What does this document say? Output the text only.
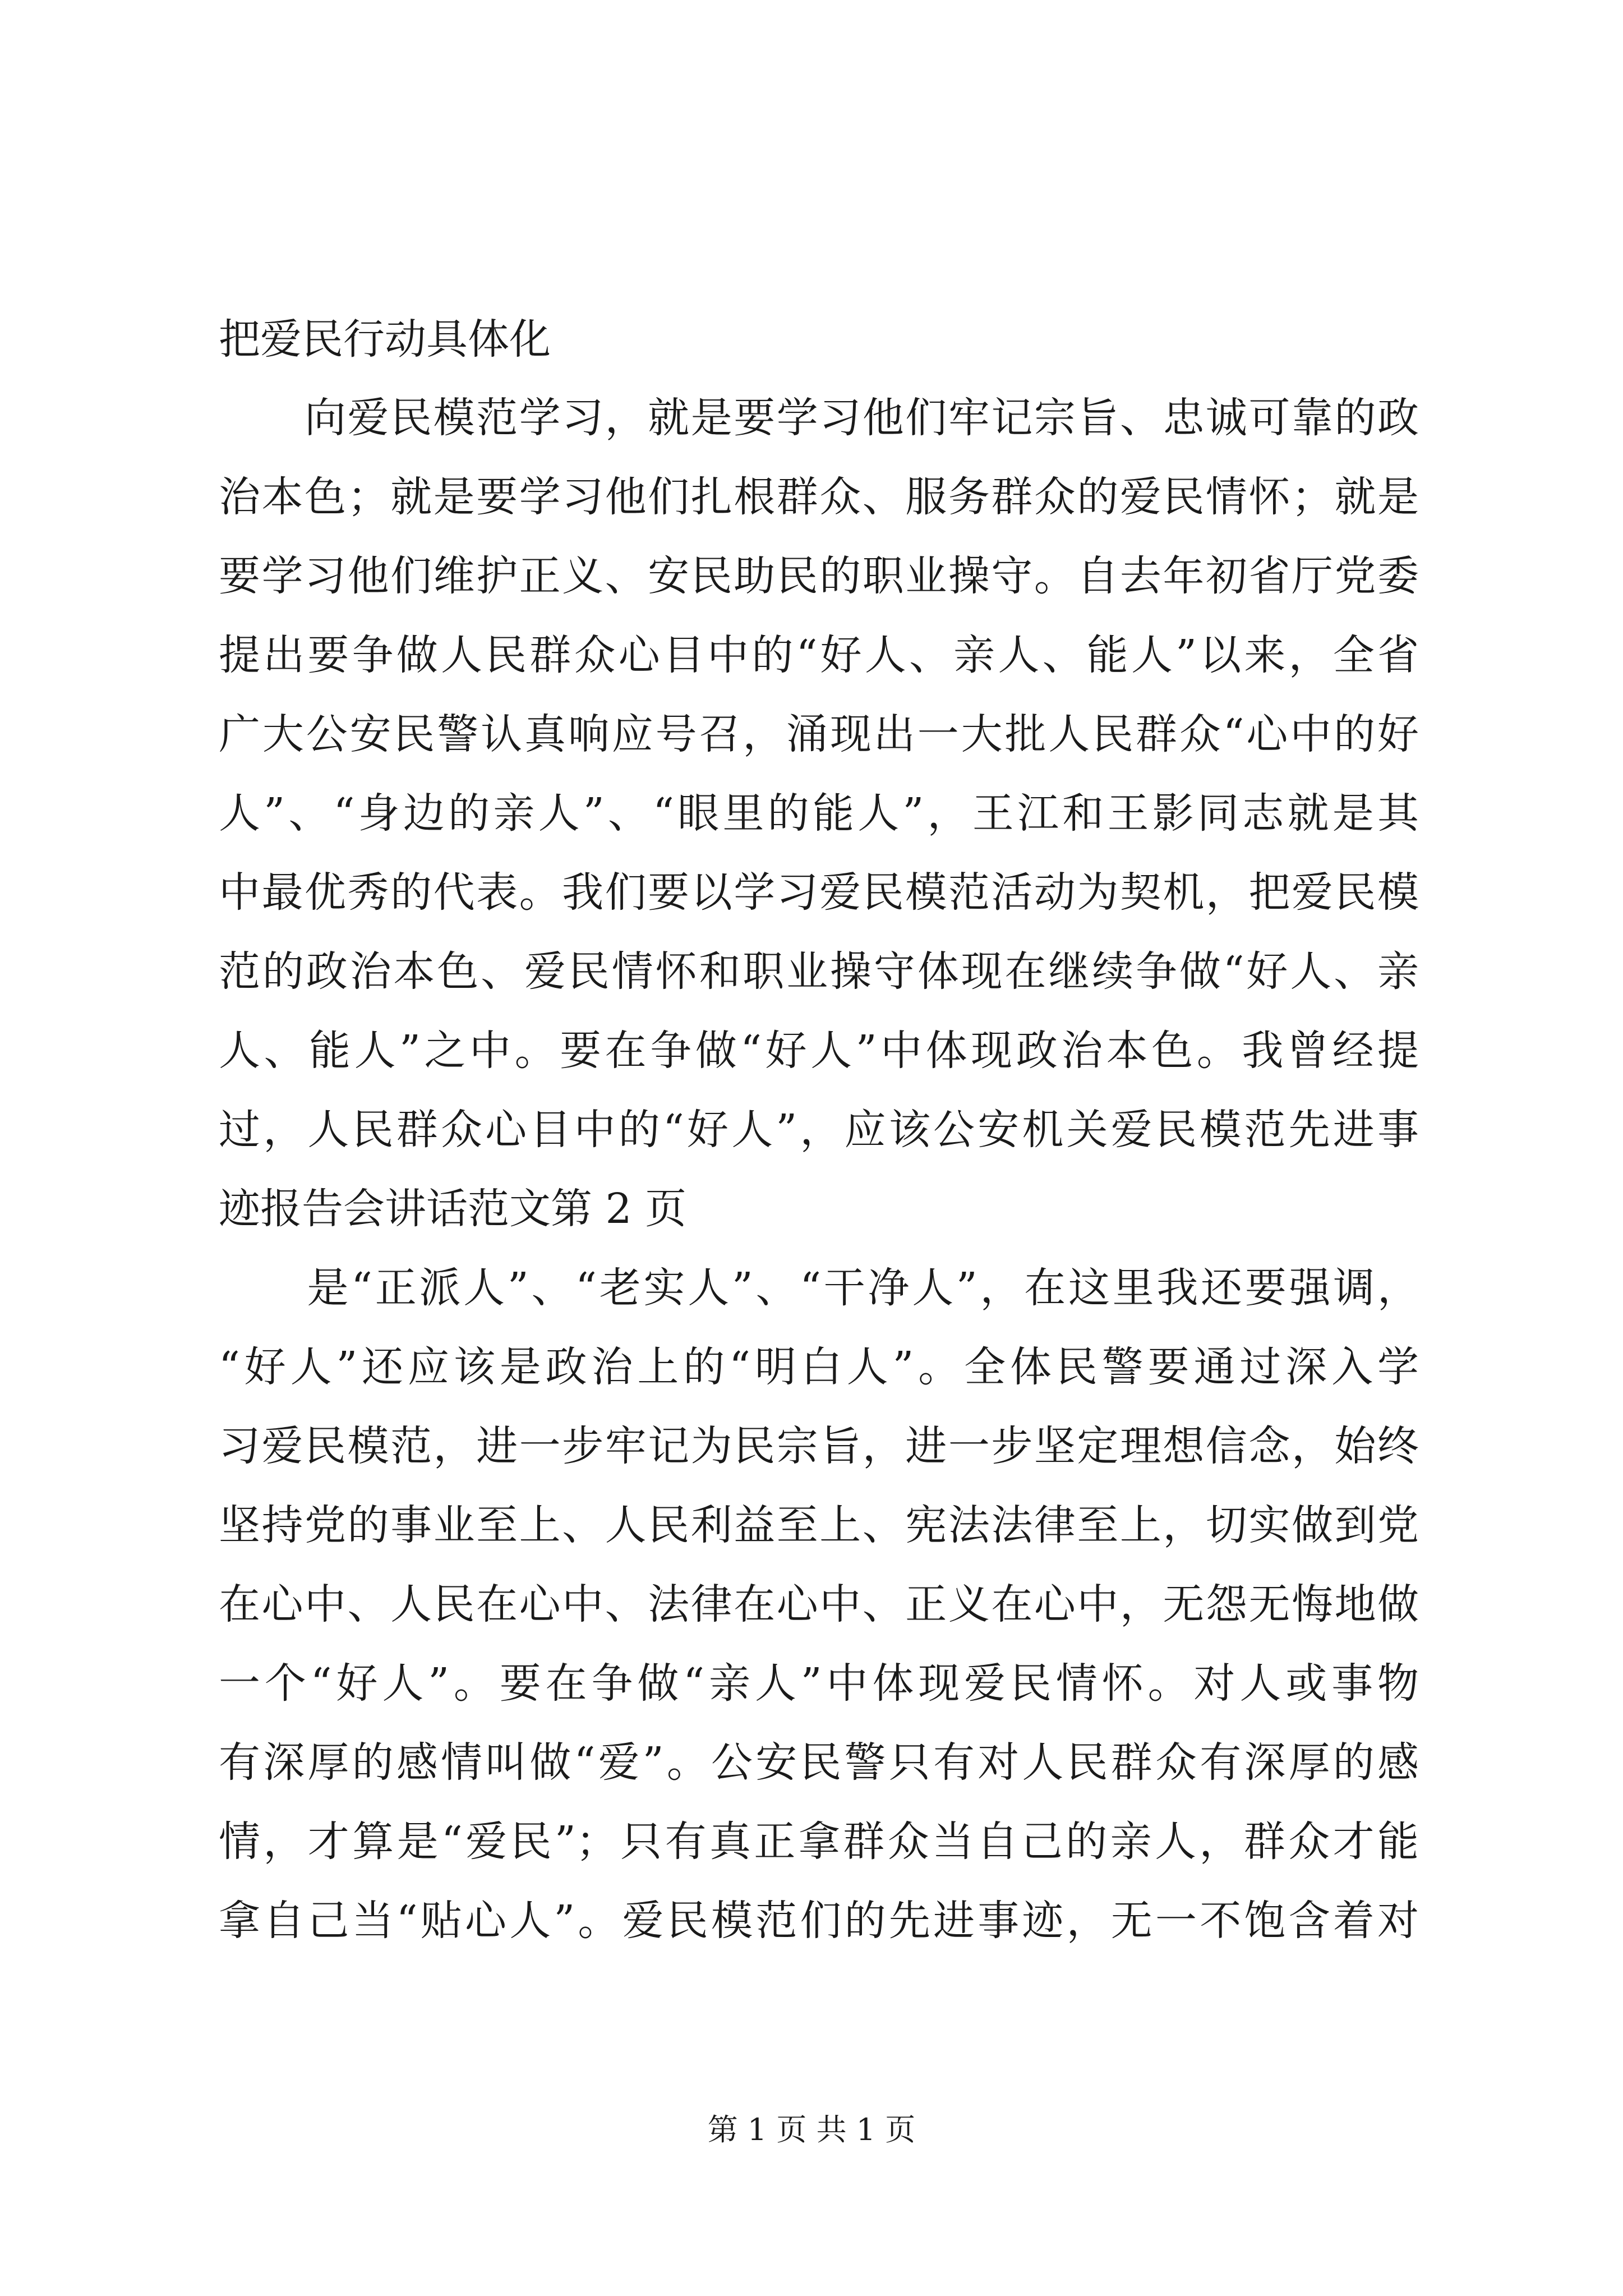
把爱民行动具体化

　　向爱民模范学习，就是要学习他们牢记宗旨、忠诚可靠的政

治本色；就是要学习他们扎根群众、服务群众的爱民情怀；就是

要学习他们维护正义、安民助民的职业操守。自去年初省厅党委

提出要争做人民群众心目中的“好人、亲人、能人”以来，全省

广大公安民警认真响应号召，涌现出一大批人民群众“心中的好

人”、“身边的亲人”、“眼里的能人”，王江和王影同志就是其

中最优秀的代表。我们要以学习爱民模范活动为契机，把爱民模

范的政治本色、爱民情怀和职业操守体现在继续争做“好人、亲

人、能人”之中。要在争做“好人”中体现政治本色。我曾经提

过，人民群众心目中的“好人”，应该公安机关爱民模范先进事

迹报告会讲话范文第 2 页

　　是“正派人”、“老实人”、“干净人”，在这里我还要强调，

“好人”还应该是政治上的“明白人”。全体民警要通过深入学

习爱民模范，进一步牢记为民宗旨，进一步坚定理想信念，始终

坚持党的事业至上、人民利益至上、宪法法律至上，切实做到党

在心中、人民在心中、法律在心中、正义在心中，无怨无悔地做

一个“好人”。要在争做“亲人”中体现爱民情怀。对人或事物

有深厚的感情叫做“爱”。公安民警只有对人民群众有深厚的感

情，才算是“爱民”；只有真正拿群众当自己的亲人，群众才能

拿自己当“贴心人”。爱民模范们的先进事迹，无一不饱含着对

第 1 页 共 1 页
